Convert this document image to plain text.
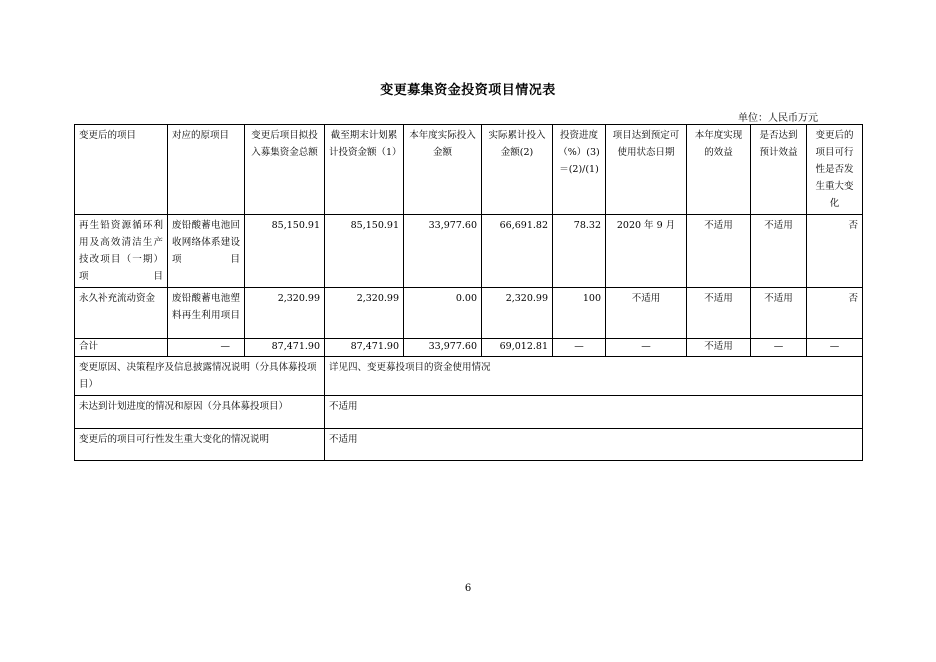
变更募集资金投资项目情况表
单位：人民币万元
变更后的项目	对应的原项目	变更后项目拟投入募集资金总额	截至期末计划累计投资金额（1）	本年度实际投入金额	实际累计投入金额(2)	投资进度（%）(3)＝(2)/(1)	项目达到预定可使用状态日期	本年度实现的效益	是否达到预计效益	变更后的项目可行性是否发生重大变化
再生铅资源循环利用及高效清洁生产技改项目（一期）项目	废铅酸蓄电池回收网络体系建设项目	85,150.91	85,150.91	33,977.60	66,691.82	78.32	2020 年 9 月	不适用	不适用	否
永久补充流动资金	废铅酸蓄电池塑料再生利用项目	2,320.99	2,320.99	0.00	2,320.99	100	不适用	不适用	不适用	否
合计	—	87,471.90	87,471.90	33,977.60	69,012.81	—	—	不适用	—	—
变更原因、决策程序及信息披露情况说明（分具体募投项目）			详见四、变更募投项目的资金使用情况							
未达到计划进度的情况和原因（分具体募投项目）			不适用							
变更后的项目可行性发生重大变化的情况说明			不适用							
6
